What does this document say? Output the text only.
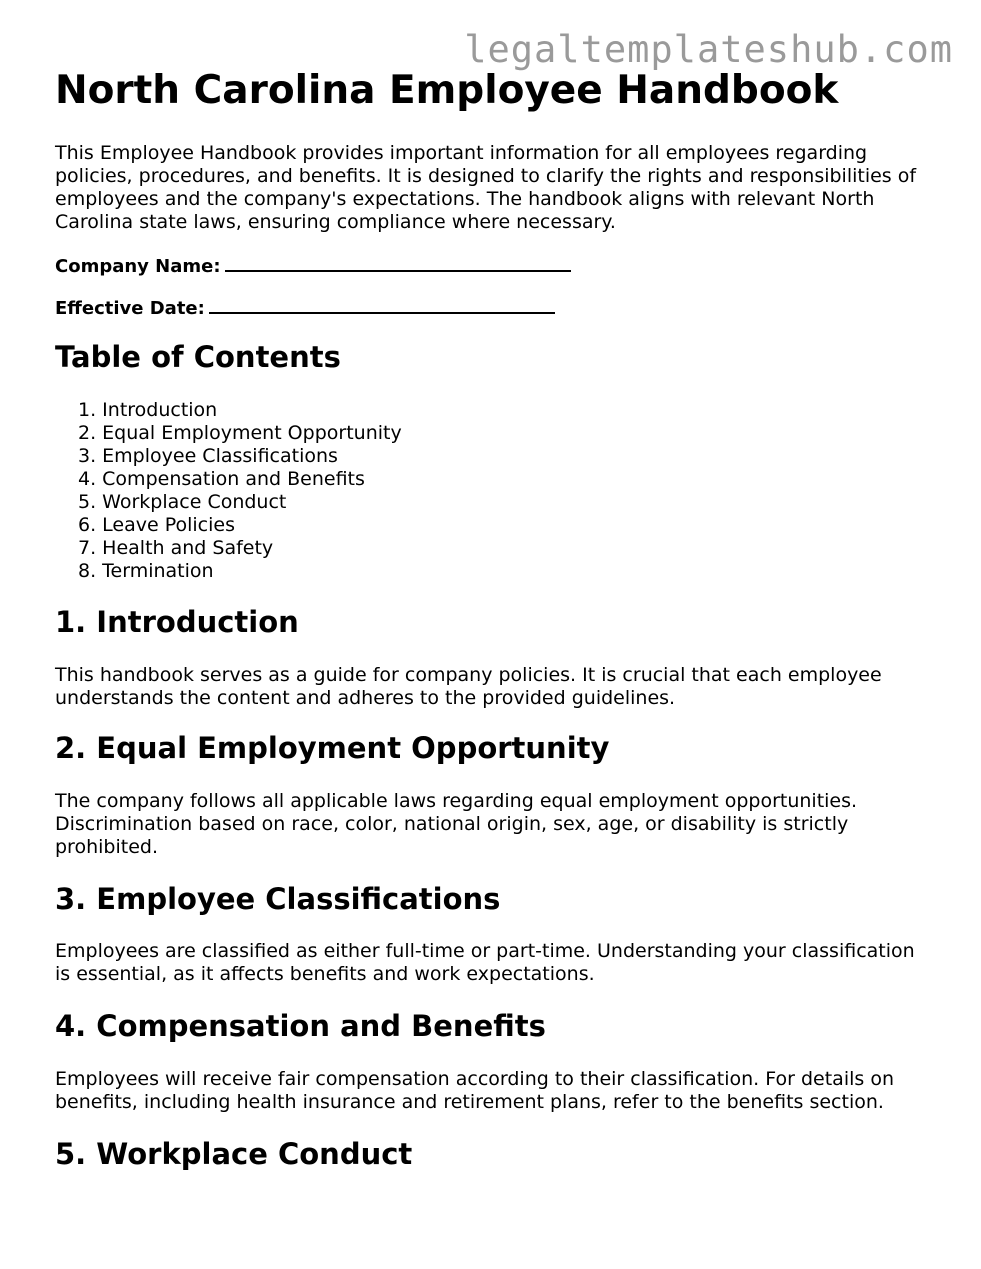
legaltemplateshub.com
North Carolina Employee Handbook

This Employee Handbook provides important information for all employees regarding policies, procedures, and benefits. It is designed to clarify the rights and responsibilities of employees and the company's expectations. The handbook aligns with relevant North Carolina state laws, ensuring compliance where necessary.

Company Name:
Effective Date:
Table of Contents
1. Introduction
2. Equal Employment Opportunity
3. Employee Classifications
4. Compensation and Benefits
5. Workplace Conduct
6. Leave Policies
7. Health and Safety
8. Termination
1. Introduction

This handbook serves as a guide for company policies. It is crucial that each employee understands the content and adheres to the provided guidelines.

2. Equal Employment Opportunity

The company follows all applicable laws regarding equal employment opportunities. Discrimination based on race, color, national origin, sex, age, or disability is strictly prohibited.

3. Employee Classifications

Employees are classified as either full-time or part-time. Understanding your classification is essential, as it affects benefits and work expectations.

4. Compensation and Benefits

Employees will receive fair compensation according to their classification. For details on benefits, including health insurance and retirement plans, refer to the benefits section.

5. Workplace Conduct
